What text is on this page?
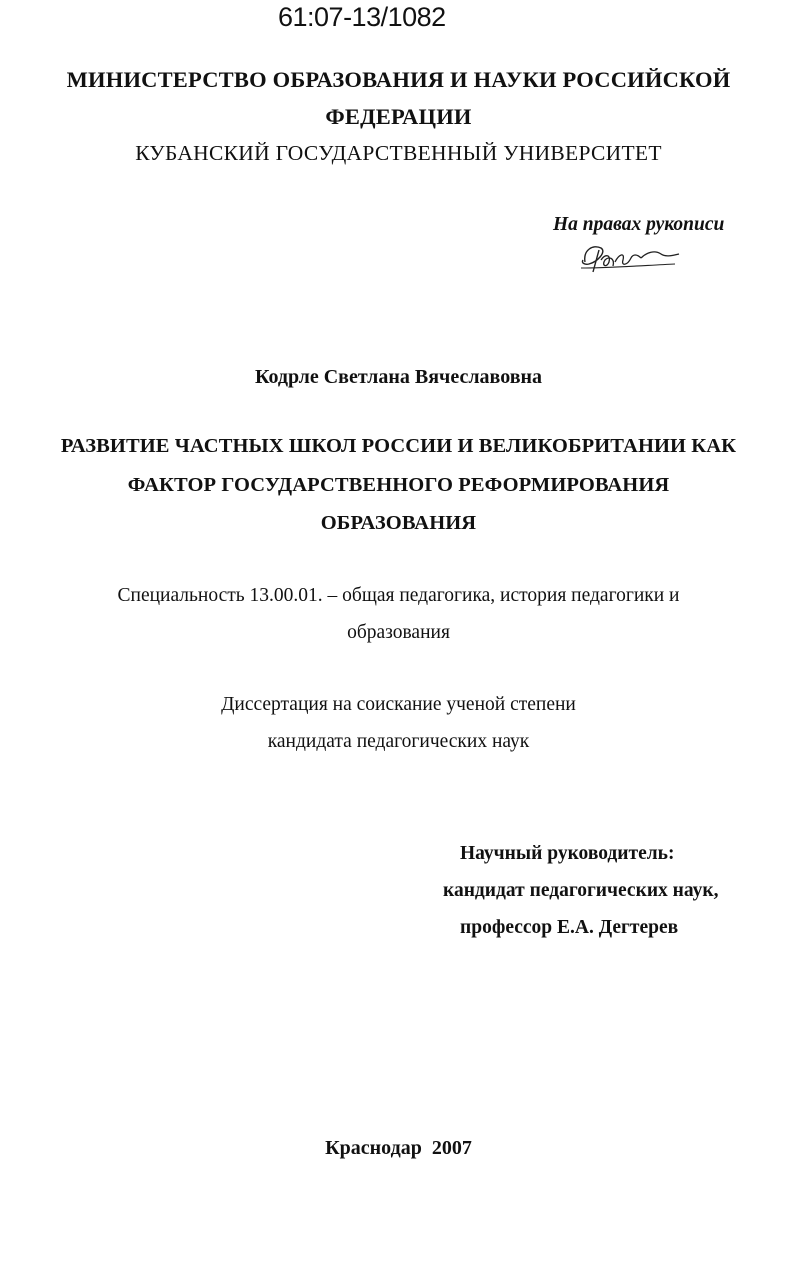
61:07-13/1082
МИНИСТЕРСТВО ОБРАЗОВАНИЯ И НАУКИ РОССИЙСКОЙ
ФЕДЕРАЦИИ
КУБАНСКИЙ ГОСУДАРСТВЕННЫЙ УНИВЕРСИТЕТ
На правах рукописи
Кодрле Светлана Вячеславовна
РАЗВИТИЕ ЧАСТНЫХ ШКОЛ РОССИИ И ВЕЛИКОБРИТАНИИ КАК
ФАКТОР ГОСУДАРСТВЕННОГО РЕФОРМИРОВАНИЯ
ОБРАЗОВАНИЯ
Специальность 13.00.01. – общая педагогика, история педагогики и
образования
Диссертация на соискание ученой степени
кандидата педагогических наук
Научный руководитель:
кандидат педагогических наук,
профессор Е.А. Дегтерев
Краснодар  2007
